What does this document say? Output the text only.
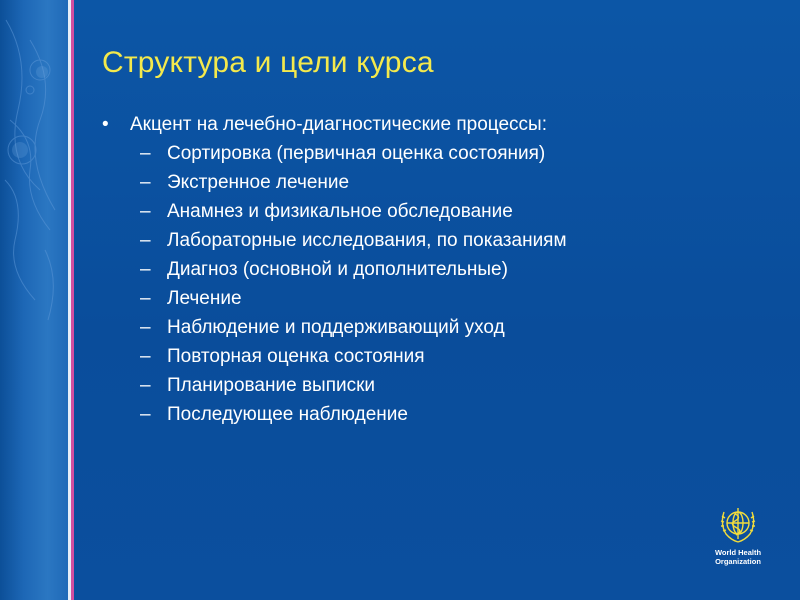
Структура и цели курса
•	Акцент на лечебно-диагностические процессы:
– Сортировка (первичная оценка состояния)
– Экстренное лечение
– Анамнез и физикальное обследование
– Лабораторные исследования, по показаниям
– Диагноз (основной и дополнительные)
– Лечение
– Наблюдение и поддерживающий уход
– Повторная оценка состояния
– Планирование выписки
– Последующее наблюдение
World Health
Organization
